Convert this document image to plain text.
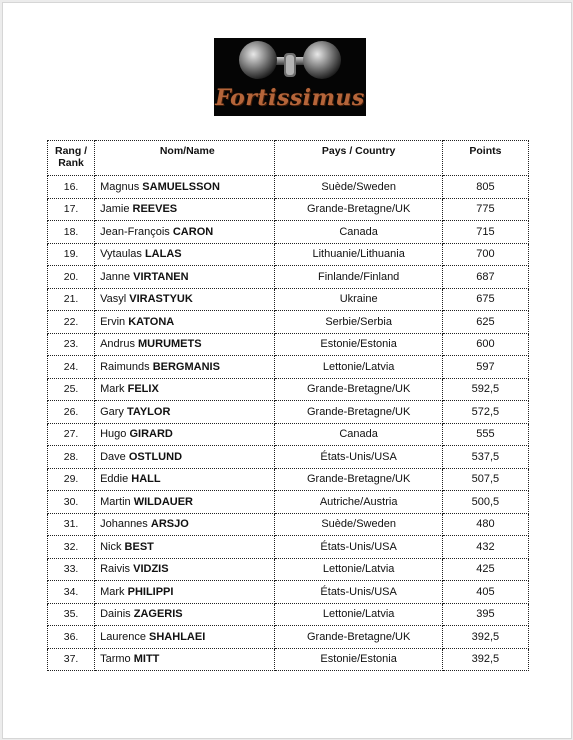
Fortissimus
Rang / Rank	Nom/Name	Pays / Country	Points
16.	Magnus SAMUELSSON	Suède/Sweden	805
17.	Jamie REEVES	Grande-Bretagne/UK	775
18.	Jean-François CARON	Canada	715
19.	Vytaulas LALAS	Lithuanie/Lithuania	700
20.	Janne VIRTANEN	Finlande/Finland	687
21.	Vasyl VIRASTYUK	Ukraine	675
22.	Ervin KATONA	Serbie/Serbia	625
23.	Andrus MURUMETS	Estonie/Estonia	600
24.	Raimunds BERGMANIS	Lettonie/Latvia	597
25.	Mark FELIX	Grande-Bretagne/UK	592,5
26.	Gary TAYLOR	Grande-Bretagne/UK	572,5
27.	Hugo GIRARD	Canada	555
28.	Dave OSTLUND	États-Unis/USA	537,5
29.	Eddie HALL	Grande-Bretagne/UK	507,5
30.	Martin WILDAUER	Autriche/Austria	500,5
31.	Johannes ARSJO	Suède/Sweden	480
32.	Nick BEST	États-Unis/USA	432
33.	Raivis VIDZIS	Lettonie/Latvia	425
34.	Mark PHILIPPI	États-Unis/USA	405
35.	Dainis ZAGERIS	Lettonie/Latvia	395
36.	Laurence SHAHLAEI	Grande-Bretagne/UK	392,5
37.	Tarmo MITT	Estonie/Estonia	392,5
